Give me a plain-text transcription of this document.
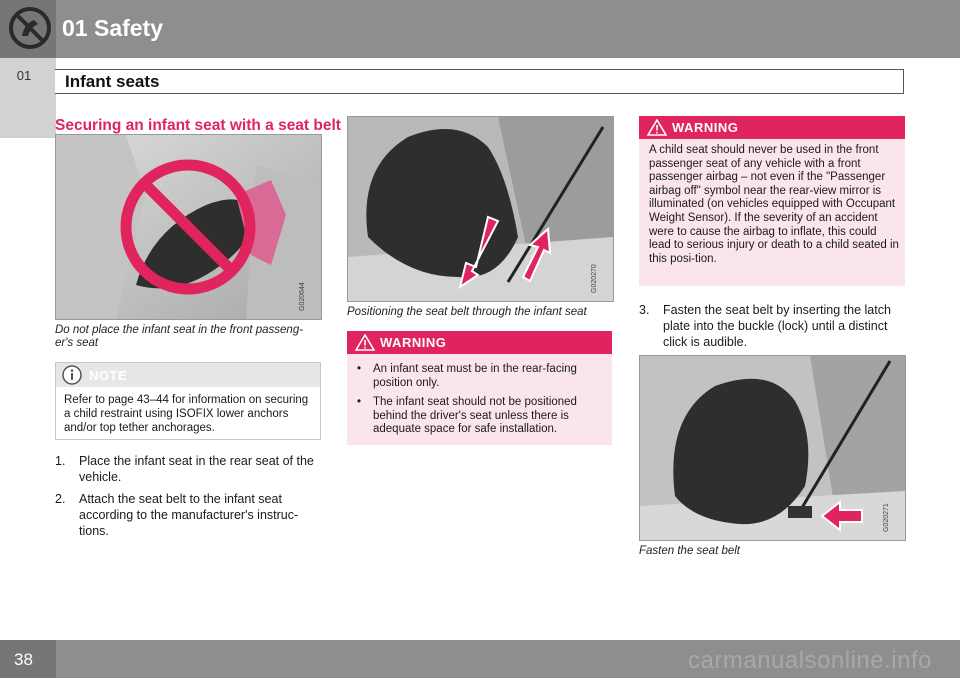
01 Safety
01	Infant seats
Securing an infant seat with a seat belt
G020644
Do not place the infant seat in the front passeng-er's seat
NOTE
Refer to page 43–44 for information on securing a child restraint using ISOFIX lower anchors and/or top tether anchorages.
1. Place the infant seat in the rear seat of the vehicle.
2. Attach the seat belt to the infant seat according to the manufacturer's instruc-tions.
G020270
Positioning the seat belt through the infant seat
WARNING
• An infant seat must be in the rear-facing position only.
• The infant seat should not be positioned behind the driver's seat unless there is adequate space for safe installation.
WARNING
A child seat should never be used in the front passenger seat of any vehicle with a front passenger airbag – not even if the "Passenger airbag off" symbol near the rear-view mirror is illuminated (on vehicles equipped with Occupant Weight Sensor). If the severity of an accident were to cause the airbag to inflate, this could lead to serious injury or death to a child seated in this posi-tion.
3. Fasten the seat belt by inserting the latch plate into the buckle (lock) until a distinct click is audible.
G020271
Fasten the seat belt
38	carmanualsonline.info
